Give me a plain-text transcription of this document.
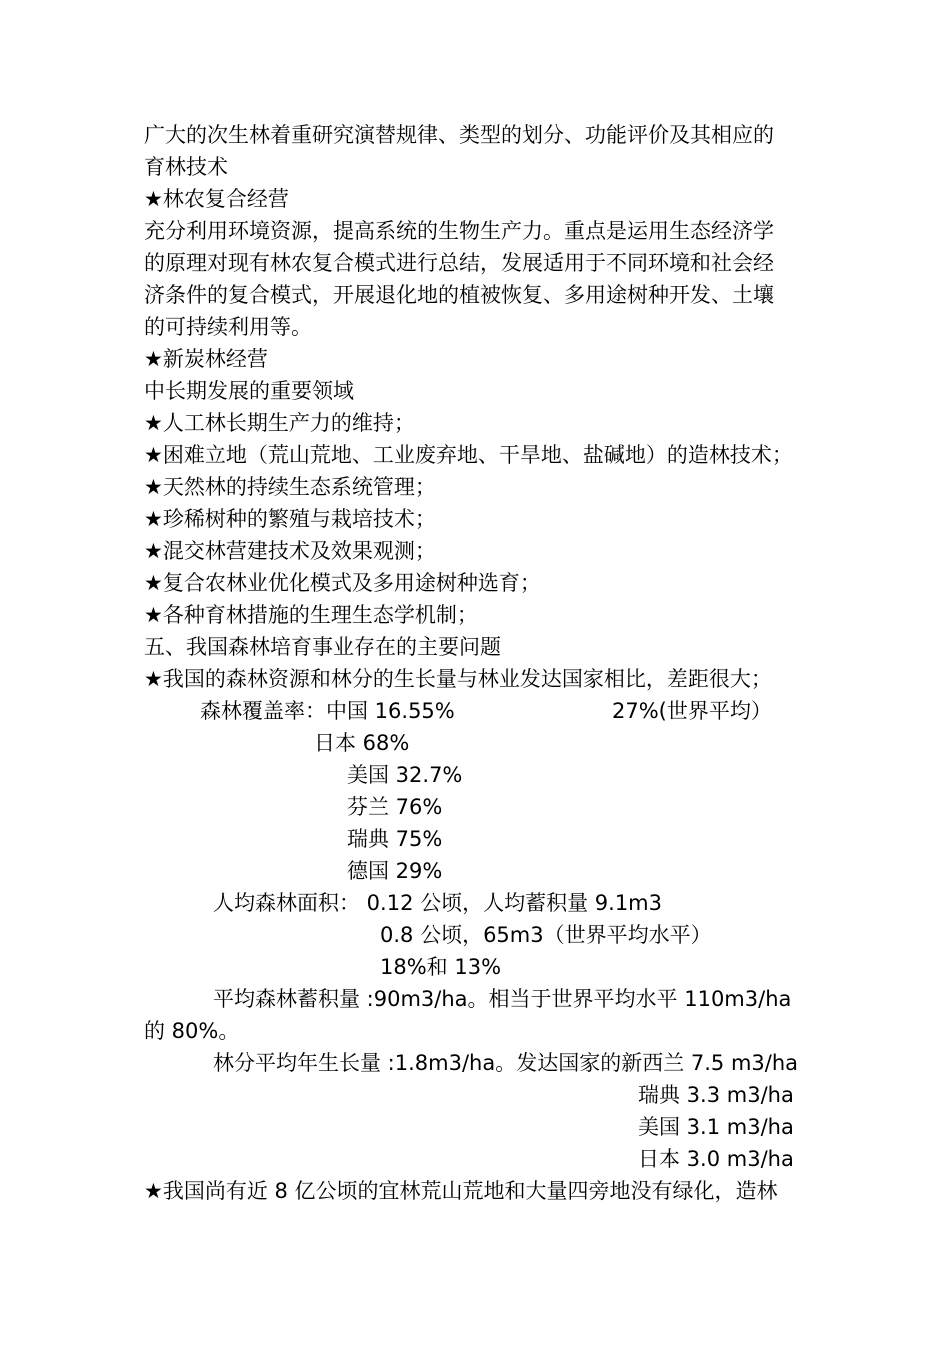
广大的次生林着重研究演替规律、类型的划分、功能评价及其相应的
育林技术
★林农复合经营
充分利用环境资源，提高系统的生物生产力。重点是运用生态经济学
的原理对现有林农复合模式进行总结，发展适用于不同环境和社会经
济条件的复合模式，开展退化地的植被恢复、多用途树种开发、土壤
的可持续利用等。
★新炭林经营
中长期发展的重要领域
★人工林长期生产力的维持；
★困难立地（荒山荒地、工业废弃地、干旱地、盐碱地）的造林技术；
★天然林的持续生态系统管理；
★珍稀树种的繁殖与栽培技术；
★混交林营建技术及效果观测；
★复合农林业优化模式及多用途树种选育；
★各种育林措施的生理生态学机制；
五、我国森林培育事业存在的主要问题
★我国的森林资源和林分的生长量与林业发达国家相比，差距很大；
森林覆盖率：中国 16.55%	27%(世界平均）
日本 68%
美国 32.7%
芬兰 76%
瑞典 75%
德国 29%
人均森林面积： 0.12 公顷，人均蓄积量 9.1m3
0.8 公顷，65m3（世界平均水平）
18%和 13%
平均森林蓄积量 :90m3/ha。相当于世界平均水平 110m3/ha
的 80%。
林分平均年生长量 :1.8m3/ha。发达国家的新西兰 7.5 m3/ha
瑞典 3.3 m3/ha
美国 3.1 m3/ha
日本 3.0 m3/ha
★我国尚有近 8 亿公顷的宜林荒山荒地和大量四旁地没有绿化，造林
